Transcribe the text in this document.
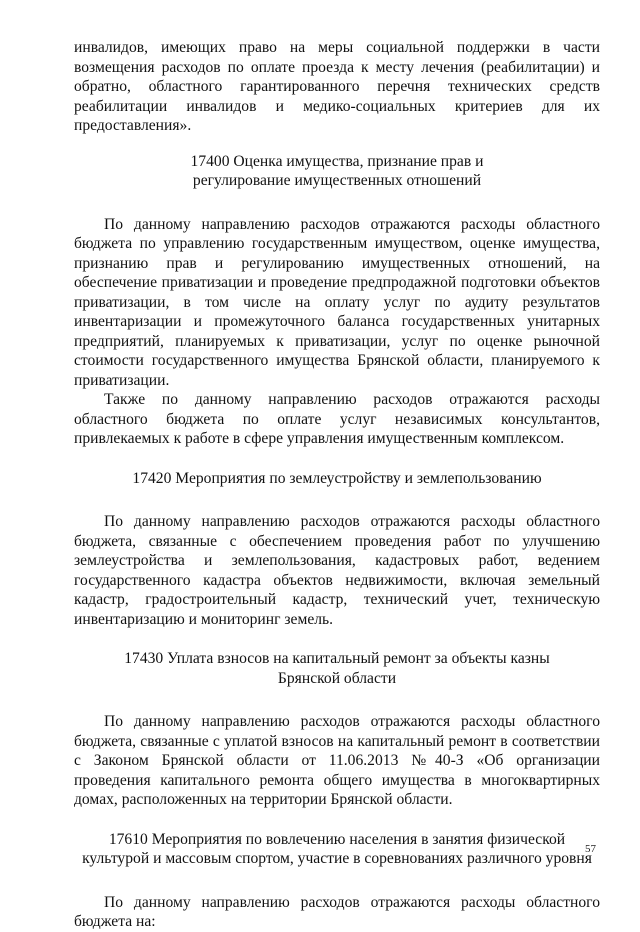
инвалидов, имеющих право на меры социальной поддержки в части возмещения расходов по оплате проезда к месту лечения (реабилитации) и обратно, областного гарантированного перечня технических средств реабилитации инвалидов и медико-социальных критериев для их предоставления».

17400 Оценка имущества, признание прав и регулирование имущественных отношений

По данному направлению расходов отражаются расходы областного бюджета по управлению государственным имуществом, оценке имущества, признанию прав и регулированию имущественных отношений, на обеспечение приватизации и проведение предпродажной подготовки объектов приватизации, в том числе на оплату услуг по аудиту результатов инвентаризации и промежуточного баланса государственных унитарных предприятий, планируемых к приватизации, услуг по оценке рыночной стоимости государственного имущества Брянской области, планируемого к приватизации.

Также по данному направлению расходов отражаются расходы областного бюджета по оплате услуг независимых консультантов, привлекаемых к работе в сфере управления имущественным комплексом.

17420 Мероприятия по землеустройству и землепользованию

По данному направлению расходов отражаются расходы областного бюджета, связанные с обеспечением проведения работ по улучшению землеустройства и землепользования, кадастровых работ, ведением государственного кадастра объектов недвижимости, включая земельный кадастр, градостроительный кадастр, технический учет, техническую инвентаризацию и мониторинг земель.

17430 Уплата взносов на капитальный ремонт за объекты казны Брянской области

По данному направлению расходов отражаются расходы областного бюджета, связанные с уплатой взносов на капитальный ремонт в соответствии с Законом Брянской области от 11.06.2013 №40-З «Об организации проведения капитального ремонта общего имущества в многоквартирных домах, расположенных на территории Брянской области.

17610 Мероприятия по вовлечению населения в занятия физической культурой и массовым спортом, участие в соревнованиях различного уровня

По данному направлению расходов отражаются расходы областного бюджета на:

57
